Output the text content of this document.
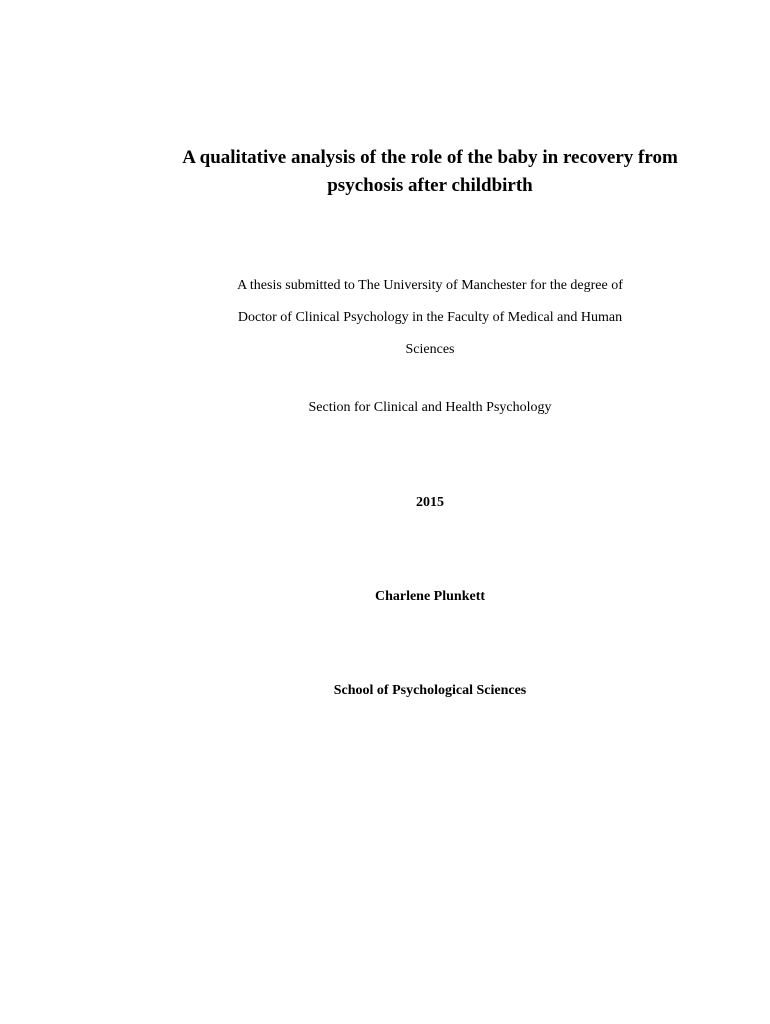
A qualitative analysis of the role of the baby in recovery from
psychosis after childbirth
A thesis submitted to The University of Manchester for the degree of
Doctor of Clinical Psychology in the Faculty of Medical and Human
Sciences
Section for Clinical and Health Psychology
2015
Charlene Plunkett
School of Psychological Sciences
